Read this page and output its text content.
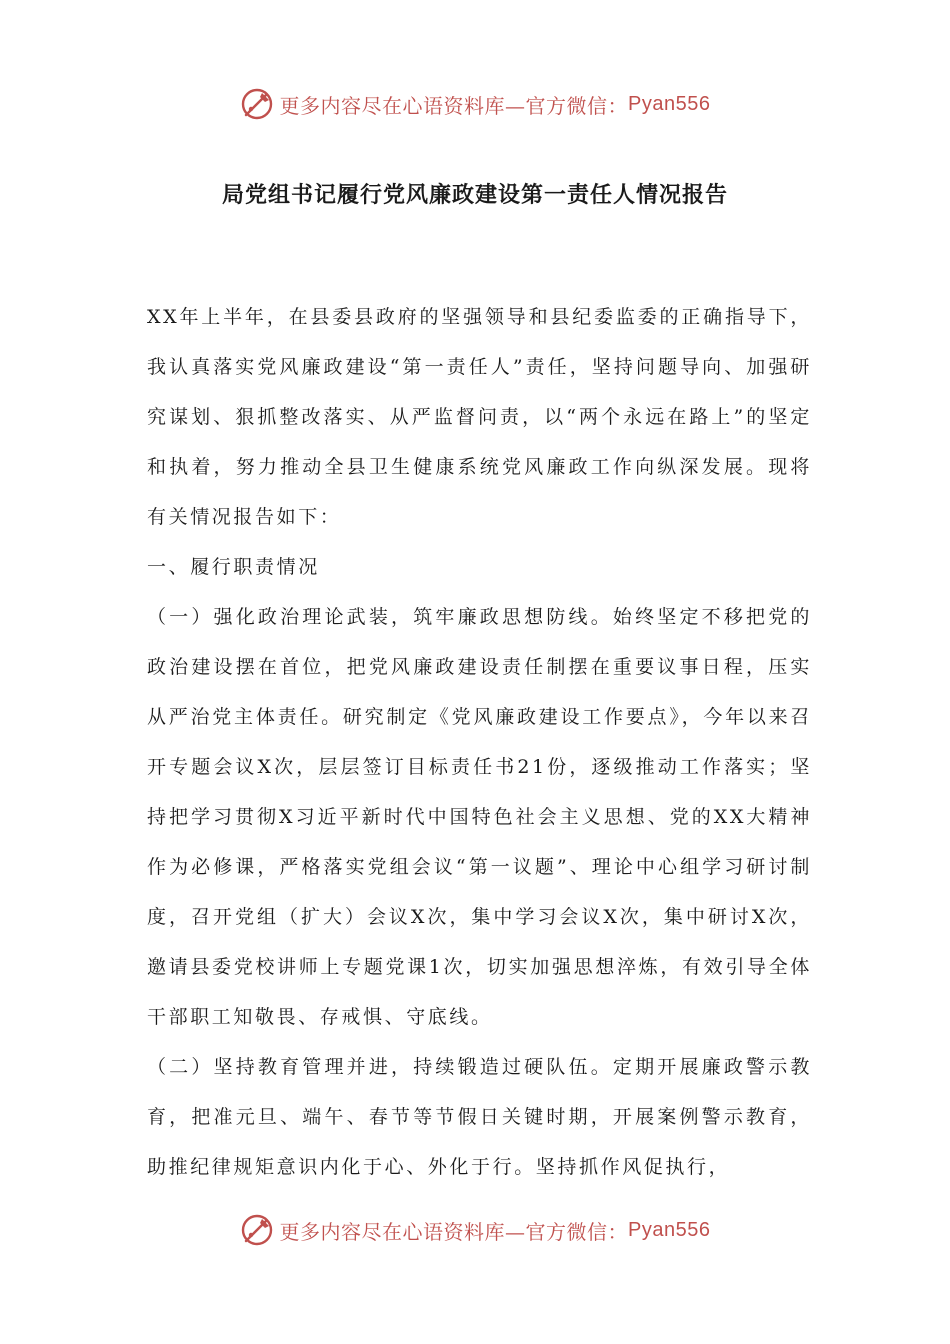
更多内容尽在心语资料库—官方微信： Pyan556
局党组书记履行党风廉政建设第一责任人情况报告

XX年上半年，在县委县政府的坚强领导和县纪委监委的正确指导下，我认真落实党风廉政建设“第一责任人”责任，坚持问题导向、加强研究谋划、狠抓整改落实、从严监督问责，以“两个永远在路上”的坚定和执着，努力推动全县卫生健康系统党风廉政工作向纵深发展。现将有关情况报告如下：

一、履行职责情况

（一）强化政治理论武装，筑牢廉政思想防线。始终坚定不移把党的政治建设摆在首位，把党风廉政建设责任制摆在重要议事日程，压实从严治党主体责任。研究制定《党风廉政建设工作要点》，今年以来召开专题会议X次，层层签订目标责任书21份，逐级推动工作落实；坚持把学习贯彻X习近平新时代中国特色社会主义思想、党的XX大精神作为必修课，严格落实党组会议“第一议题”、理论中心组学习研讨制度，召开党组（扩大）会议X次，集中学习会议X次，集中研讨X次，邀请县委党校讲师上专题党课1次，切实加强思想淬炼，有效引导全体干部职工知敬畏、存戒惧、守底线。

（二）坚持教育管理并进，持续锻造过硬队伍。定期开展廉政警示教育，把准元旦、端午、春节等节假日关键时期，开展案例警示教育，助推纪律规矩意识内化于心、外化于行。坚持抓作风促执行，

更多内容尽在心语资料库—官方微信： Pyan556
